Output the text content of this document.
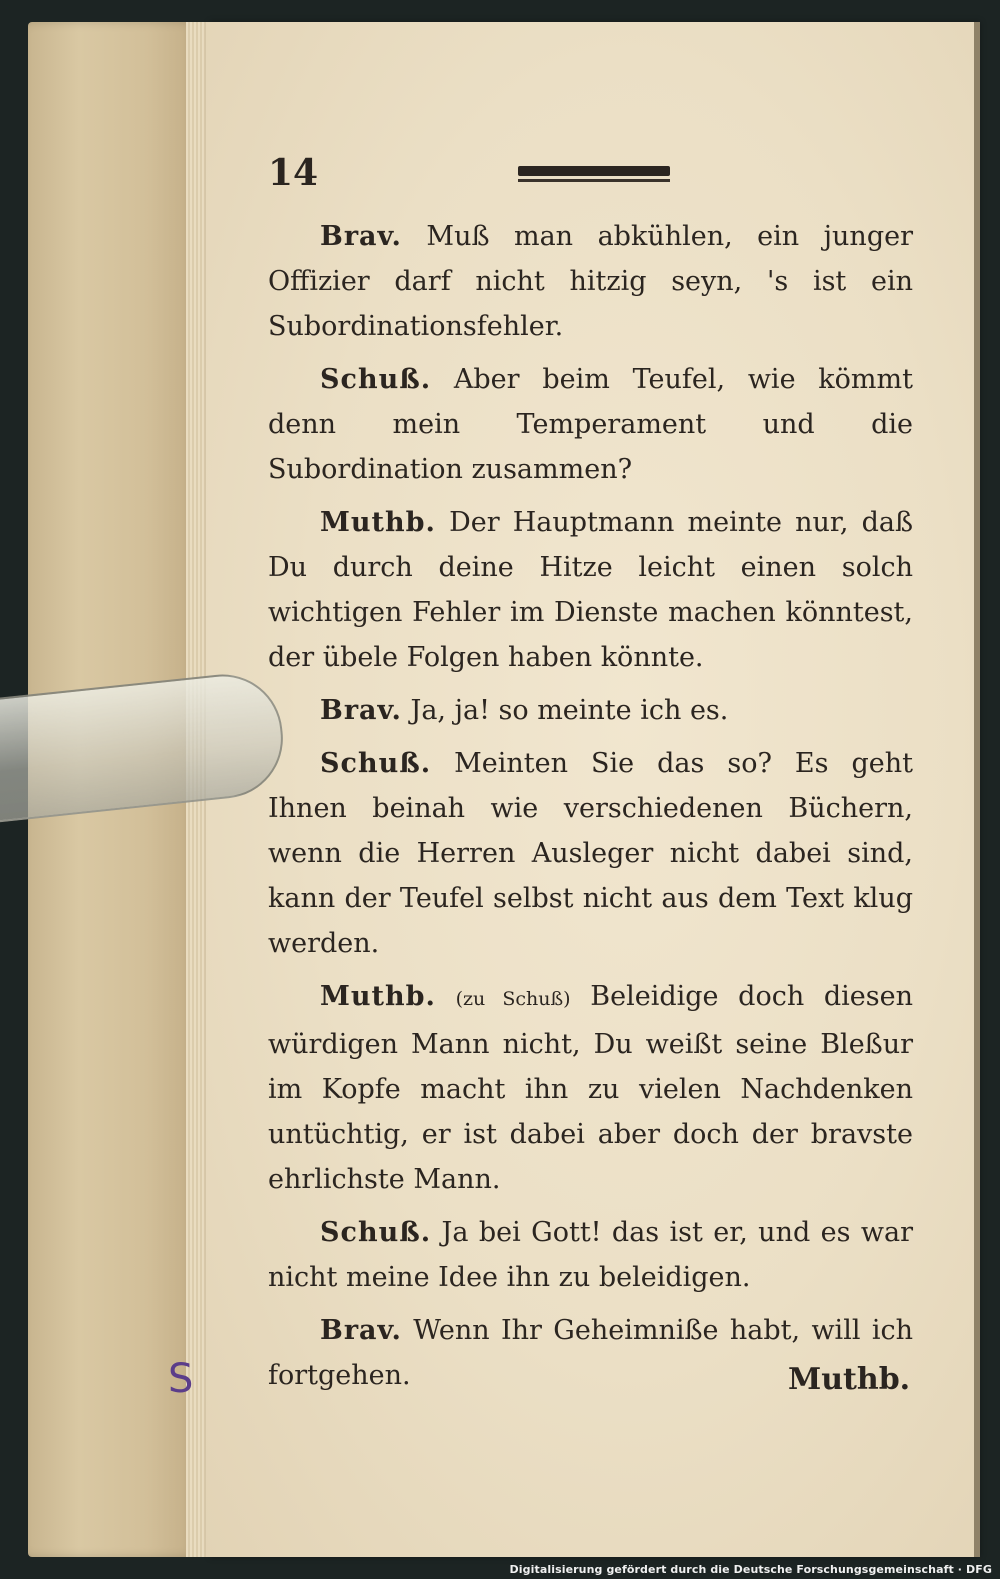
14

Brav. Muß man abkühlen, ein junger Offizier darf nicht hitzig seyn, 's ist ein Subordinationsfehler.

Schuß. Aber beim Teufel, wie kömmt denn mein Temperament und die Subordination zusammen?

Muthb. Der Hauptmann meinte nur, daß Du durch deine Hitze leicht einen solch wichtigen Fehler im Dienste machen könntest, der übele Folgen haben könnte.

Brav. Ja, ja! so meinte ich es.

Schuß. Meinten Sie das so? Es geht Ihnen beinah wie verschiedenen Büchern, wenn die Herren Ausleger nicht dabei sind, kann der Teufel selbst nicht aus dem Text klug werden.

Muthb. (zu Schuß) Beleidige doch diesen würdigen Mann nicht, Du weißt seine Bleßur im Kopfe macht ihn zu vielen Nachdenken untüchtig, er ist dabei aber doch der bravste ehrlichste Mann.

Schuß. Ja bei Gott! das ist er, und es war nicht meine Idee ihn zu beleidigen.

Brav. Wenn Ihr Geheimniße habt, will ich fortgehen.	Muthb.
S
Digitalisierung gefördert durch die Deutsche Forschungsgemeinschaft · DFG
